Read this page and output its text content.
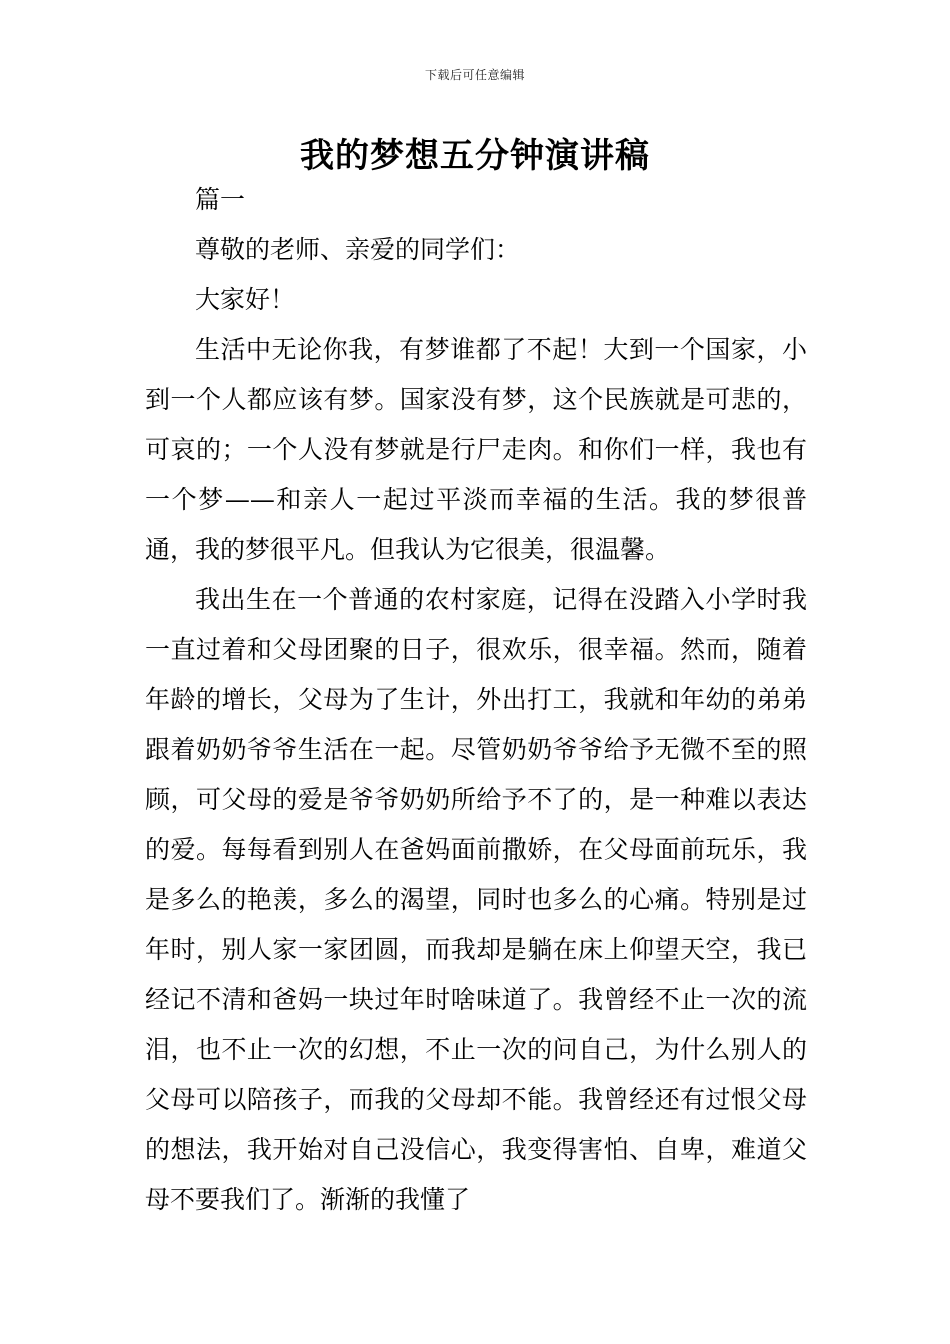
下载后可任意编辑
我的梦想五分钟演讲稿

篇一

尊敬的老师、亲爱的同学们：

大家好！

生活中无论你我，有梦谁都了不起！大到一个国家，小到一个人都应该有梦。国家没有梦，这个民族就是可悲的，可哀的；一个人没有梦就是行尸走肉。和你们一样，我也有一个梦——和亲人一起过平淡而幸福的生活。我的梦很普通，我的梦很平凡。但我认为它很美，很温馨。

我出生在一个普通的农村家庭，记得在没踏入小学时我一直过着和父母团聚的日子，很欢乐，很幸福。然而，随着年龄的增长，父母为了生计，外出打工，我就和年幼的弟弟跟着奶奶爷爷生活在一起。尽管奶奶爷爷给予无微不至的照顾，可父母的爱是爷爷奶奶所给予不了的，是一种难以表达的爱。每每看到别人在爸妈面前撒娇，在父母面前玩乐，我是多么的艳羡，多么的渴望，同时也多么的心痛。特别是过年时，别人家一家团圆，而我却是躺在床上仰望天空，我已经记不清和爸妈一块过年时啥味道了。我曾经不止一次的流泪，也不止一次的幻想，不止一次的问自己，为什么别人的父母可以陪孩子，而我的父母却不能。我曾经还有过恨父母的想法，我开始对自己没信心，我变得害怕、自卑，难道父母不要我们了。渐渐的我懂了
